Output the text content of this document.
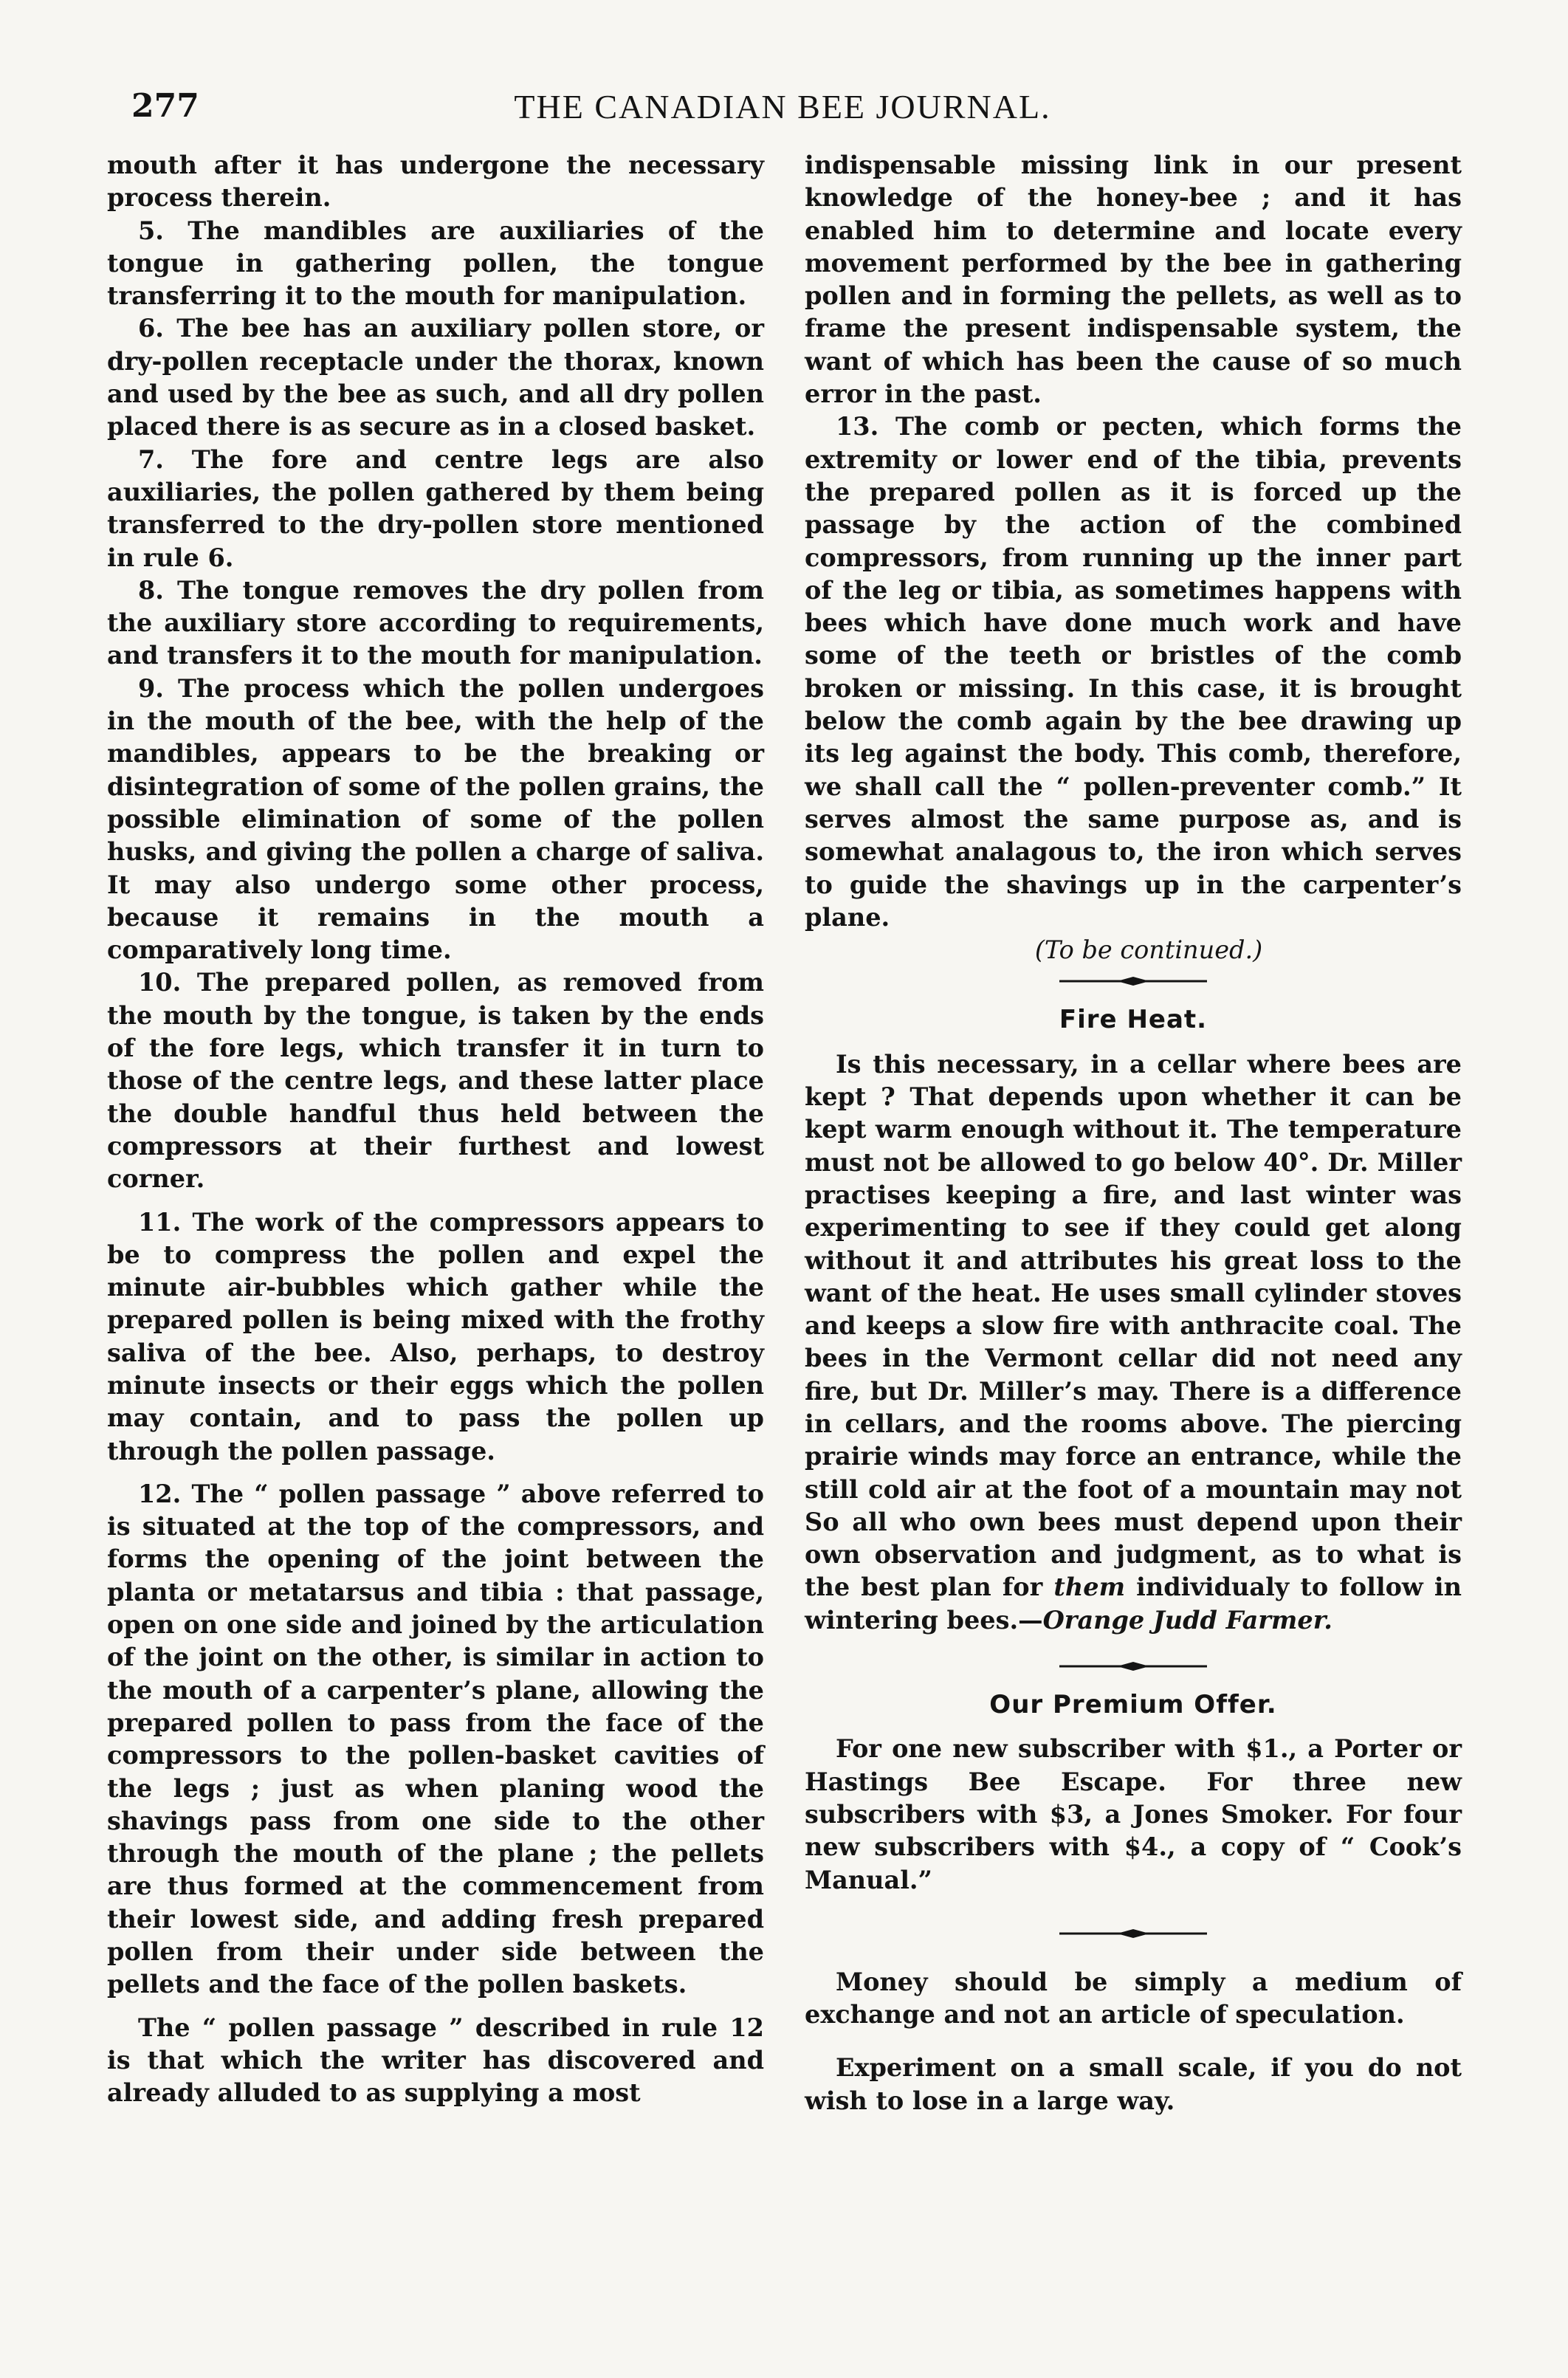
277	THE CANADIAN BEE JOURNAL.

mouth after it has undergone the necessary process therein.

5. The mandibles are auxiliaries of the tongue in gathering pollen, the tongue transferring it to the mouth for manipulation.

6. The bee has an auxiliary pollen store, or dry-pollen receptacle under the thorax, known and used by the bee as such, and all dry pollen placed there is as secure as in a closed basket.

7. The fore and centre legs are also auxiliaries, the pollen gathered by them being transferred to the dry-pollen store mentioned in rule 6.

8. The tongue removes the dry pollen from the auxiliary store according to requirements, and transfers it to the mouth for manipulation.

9. The process which the pollen undergoes in the mouth of the bee, with the help of the mandibles, appears to be the breaking or disintegration of some of the pollen grains, the possible elimination of some of the pollen husks, and giving the pollen a charge of saliva. It may also undergo some other process, because it remains in the mouth a comparatively long time.

10. The prepared pollen, as removed from the mouth by the tongue, is taken by the ends of the fore legs, which transfer it in turn to those of the centre legs, and these latter place the double handful thus held between the compressors at their furthest and lowest corner.

11. The work of the compressors appears to be to compress the pollen and expel the minute air-bubbles which gather while the prepared pollen is being mixed with the frothy saliva of the bee. Also, perhaps, to destroy minute insects or their eggs which the pollen may contain, and to pass the pollen up through the pollen passage.

12. The “ pollen passage ” above referred to is situated at the top of the compressors, and forms the opening of the joint between the planta or metatarsus and tibia : that passage, open on one side and joined by the articulation of the joint on the other, is similar in action to the mouth of a carpenter’s plane, allowing the prepared pollen to pass from the face of the compressors to the pollen-basket cavities of the legs ; just as when planing wood the shavings pass from one side to the other through the mouth of the plane ; the pellets are thus formed at the commencement from their lowest side, and adding fresh prepared pollen from their under side between the pellets and the face of the pollen baskets.

The “ pollen passage ” described in rule 12 is that which the writer has discovered and already alluded to as supplying a most

indispensable missing link in our present knowledge of the honey-bee ; and it has enabled him to determine and locate every movement performed by the bee in gathering pollen and in forming the pellets, as well as to frame the present indispensable system, the want of which has been the cause of so much error in the past.

13. The comb or pecten, which forms the extremity or lower end of the tibia, prevents the prepared pollen as it is forced up the passage by the action of the combined compressors, from running up the inner part of the leg or tibia, as sometimes happens with bees which have done much work and have some of the teeth or bristles of the comb broken or missing. In this case, it is brought below the comb again by the bee drawing up its leg against the body. This comb, therefore, we shall call the “ pollen-preventer comb.” It serves almost the same purpose as, and is somewhat analagous to, the iron which serves to guide the shavings up in the carpenter’s plane.

(To be continued.)

Fire Heat.

Is this necessary, in a cellar where bees are kept ? That depends upon whether it can be kept warm enough without it. The temperature must not be allowed to go below 40°. Dr. Miller practises keeping a fire, and last winter was experimenting to see if they could get along without it and attributes his great loss to the want of the heat. He uses small cylinder stoves and keeps a slow fire with anthracite coal. The bees in the Vermont cellar did not need any fire, but Dr. Miller’s may. There is a difference in cellars, and the rooms above. The piercing prairie winds may force an entrance, while the still cold air at the foot of a mountain may not So all who own bees must depend upon their own observation and judgment, as to what is the best plan for them individualy to follow in wintering bees.—Orange Judd Farmer.

Our Premium Offer.

For one new subscriber with $1., a Porter or Hastings Bee Escape. For three new subscribers with $3, a Jones Smoker. For four new subscribers with $4., a copy of “ Cook’s Manual.”

Money should be simply a medium of exchange and not an article of speculation.

Experiment on a small scale, if you do not wish to lose in a large way.
